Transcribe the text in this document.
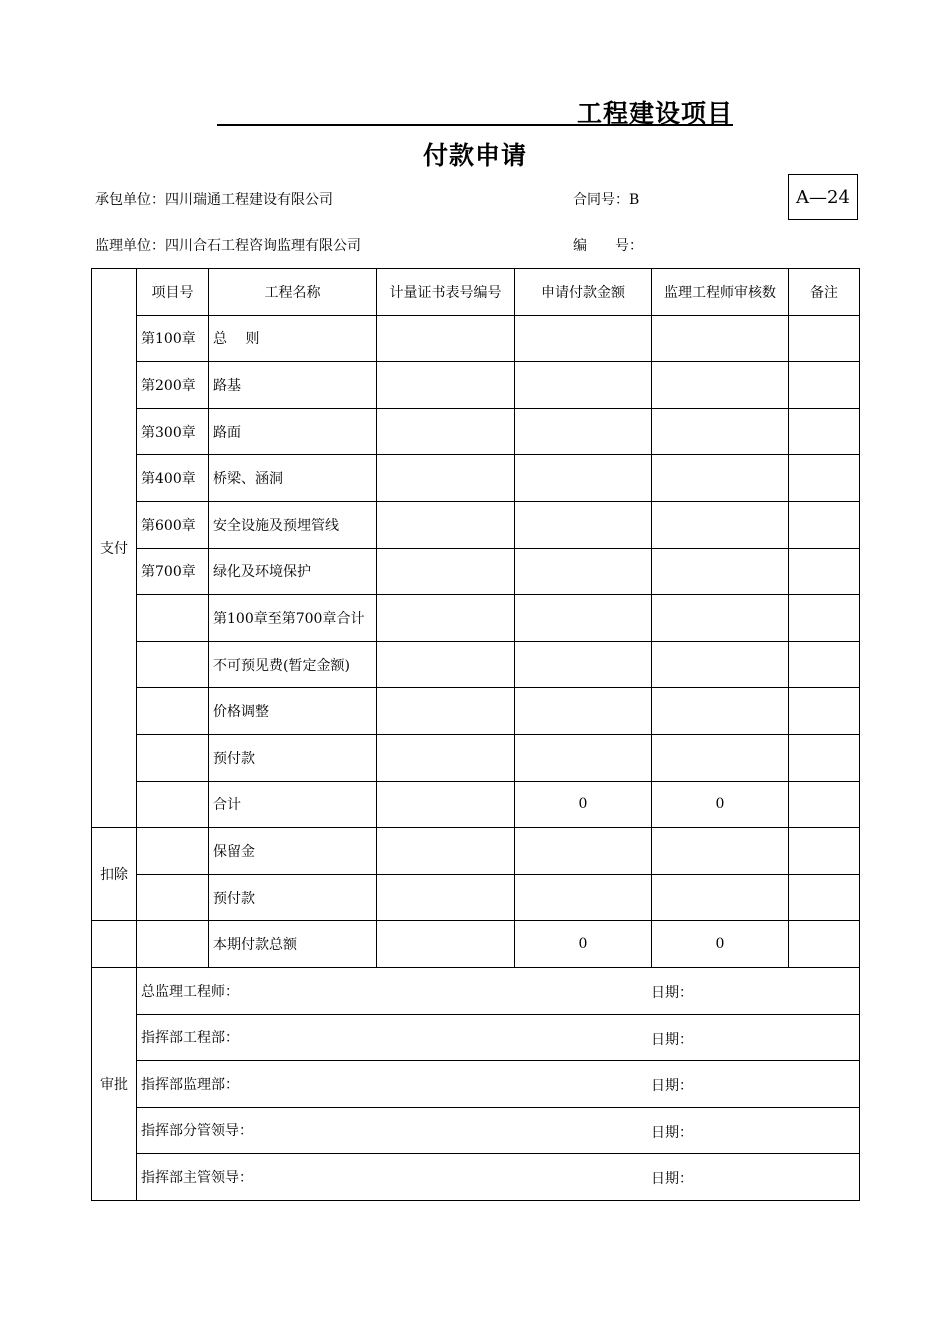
工程建设项目
付款申请
承包单位：四川瑞通工程建设有限公司	合同号：B	A—24
监理单位：四川合石工程咨询监理有限公司	编　　号：
支付	项目号	工程名称	计量证书表号编号	申请付款金额	监理工程师审核数	备注
	第100章	总　 则				
	第200章	路基				
	第300章	路面				
	第400章	桥梁、涵洞				
	第600章	安全设施及预埋管线				
	第700章	绿化及环境保护				
		第100章至第700章合计				
		不可预见费(暂定金额)				
		价格调整				
		预付款				
		合计		0	0	
扣除		保留金				
		预付款				
		本期付款总额		0	0	
审批	总监理工程师： 日期：					

	指挥部工程部： 日期：					

	指挥部监理部： 日期：					

	指挥部分管领导： 日期：					

	指挥部主管领导： 日期：					
